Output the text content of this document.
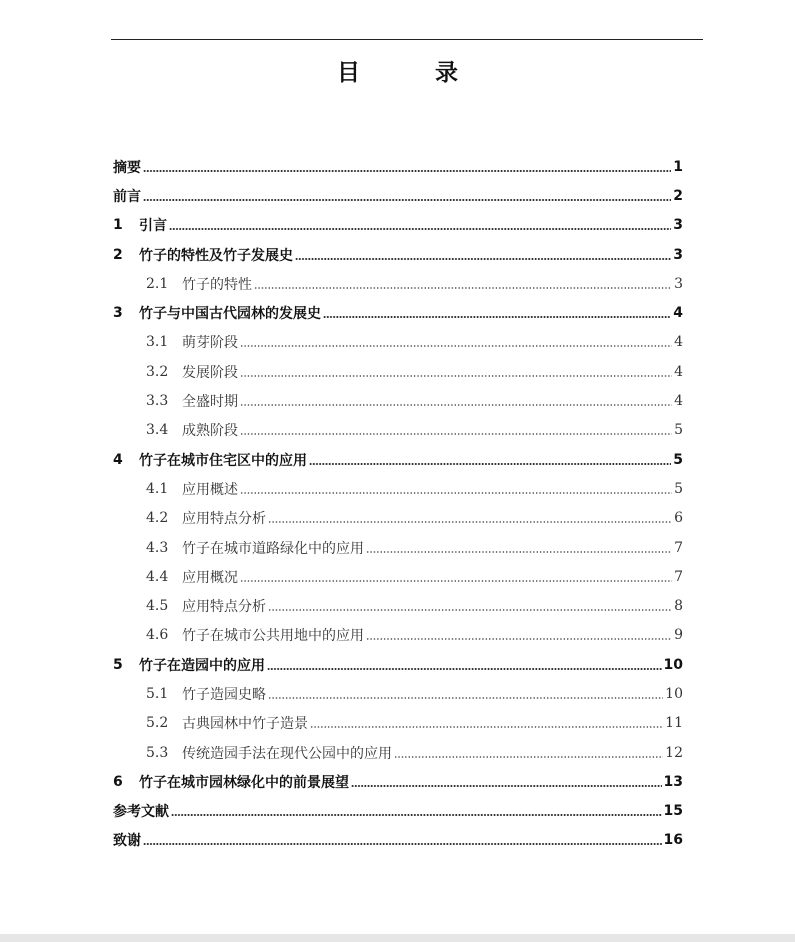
目　录
摘要	1
前言	2
1	引言	3
2	竹子的特性及竹子发展史	3
2.1 竹子的特性	3
3	竹子与中国古代园林的发展史	4
3.1 萌芽阶段	4
3.2 发展阶段	4
3.3 全盛时期	4
3.4 成熟阶段	5
4	竹子在城市住宅区中的应用	5
4.1 应用概述	5
4.2 应用特点分析	6
4.3 竹子在城市道路绿化中的应用	7
4.4 应用概况	7
4.5 应用特点分析	8
4.6 竹子在城市公共用地中的应用	9
5	竹子在造园中的应用	10
5.1 竹子造园史略	10
5.2 古典园林中竹子造景	11
5.3 传统造园手法在现代公园中的应用	12
6	竹子在城市园林绿化中的前景展望	13
参考文献	15
致谢	16
